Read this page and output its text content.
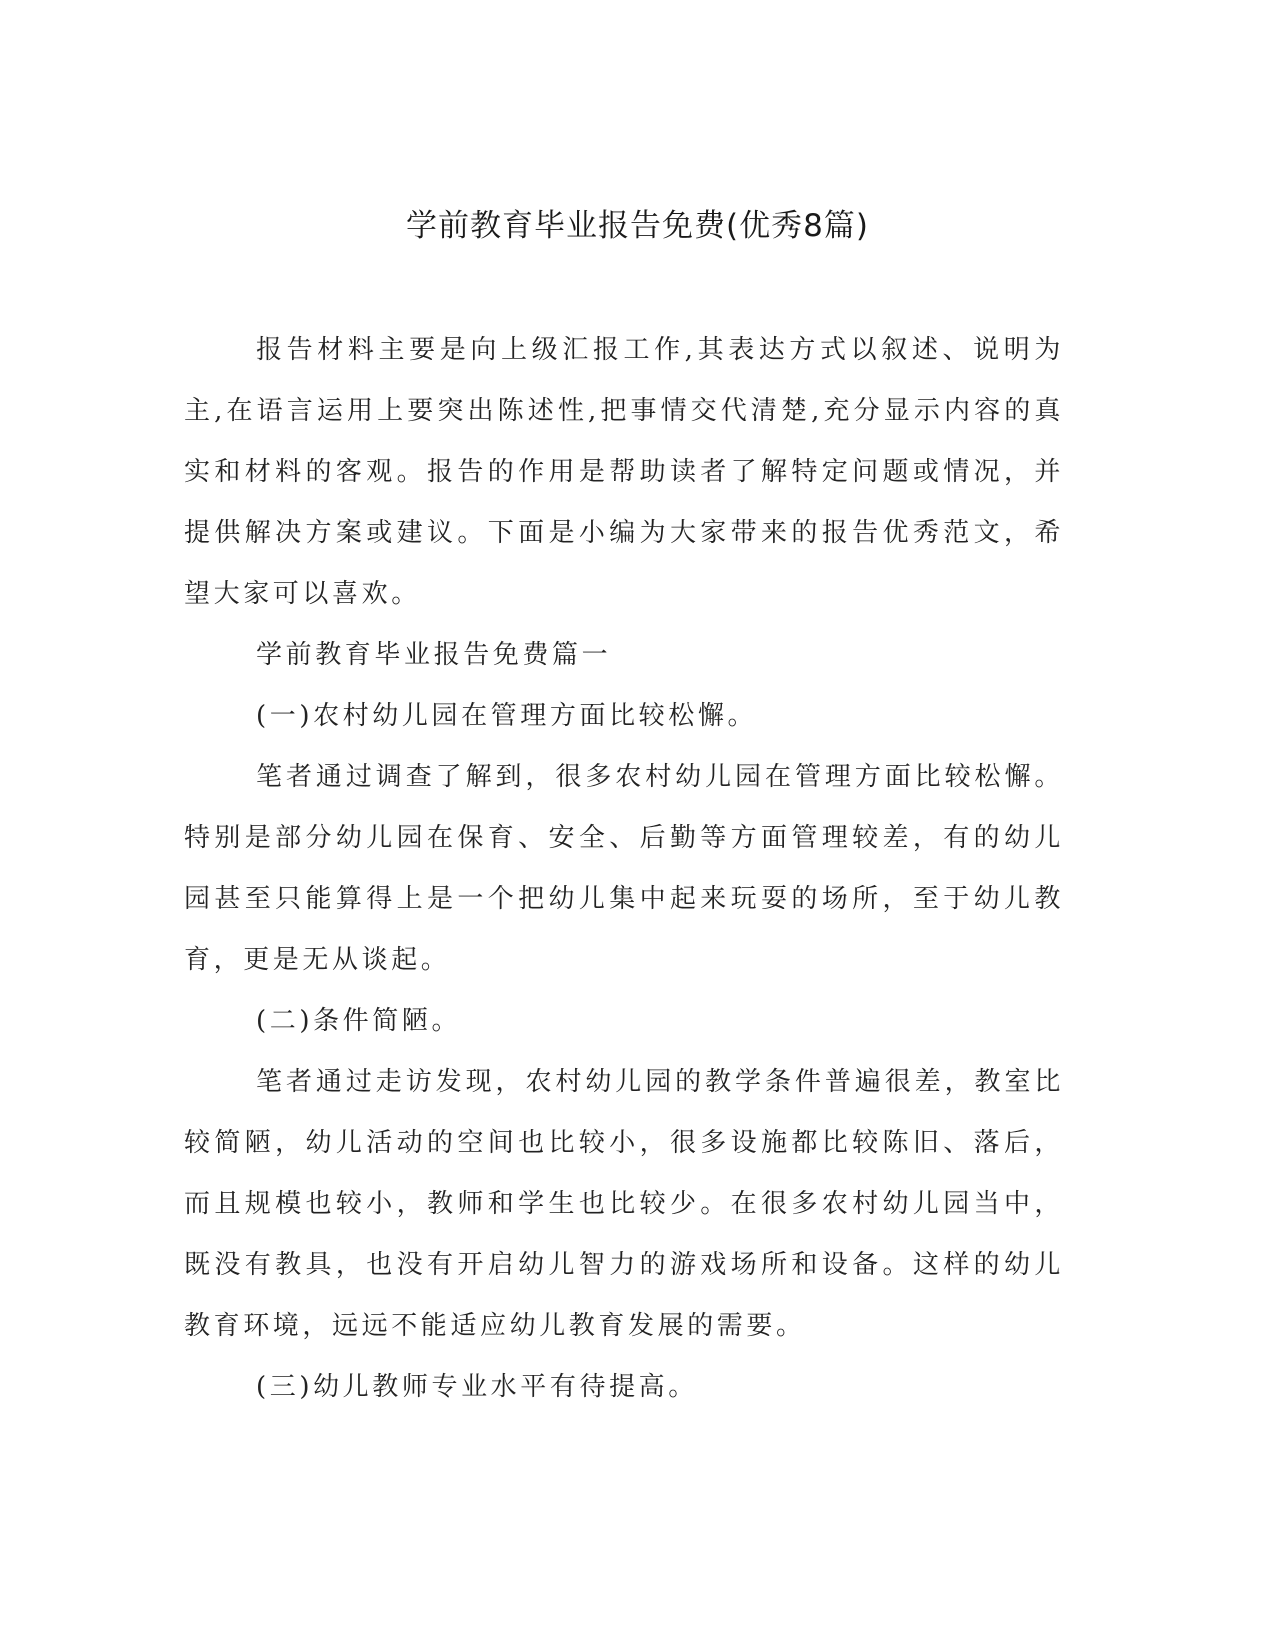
学前教育毕业报告免费(优秀8篇)

报告材料主要是向上级汇报工作,其表达方式以叙述、说明为主,在语言运用上要突出陈述性,把事情交代清楚,充分显示内容的真实和材料的客观。报告的作用是帮助读者了解特定问题或情况，并提供解决方案或建议。下面是小编为大家带来的报告优秀范文，希望大家可以喜欢。

学前教育毕业报告免费篇一

(一)农村幼儿园在管理方面比较松懈。

笔者通过调查了解到，很多农村幼儿园在管理方面比较松懈。特别是部分幼儿园在保育、安全、后勤等方面管理较差，有的幼儿园甚至只能算得上是一个把幼儿集中起来玩耍的场所，至于幼儿教育，更是无从谈起。

(二)条件简陋。

笔者通过走访发现，农村幼儿园的教学条件普遍很差，教室比较简陋，幼儿活动的空间也比较小，很多设施都比较陈旧、落后，而且规模也较小，教师和学生也比较少。在很多农村幼儿园当中，既没有教具，也没有开启幼儿智力的游戏场所和设备。这样的幼儿教育环境，远远不能适应幼儿教育发展的需要。

(三)幼儿教师专业水平有待提高。
